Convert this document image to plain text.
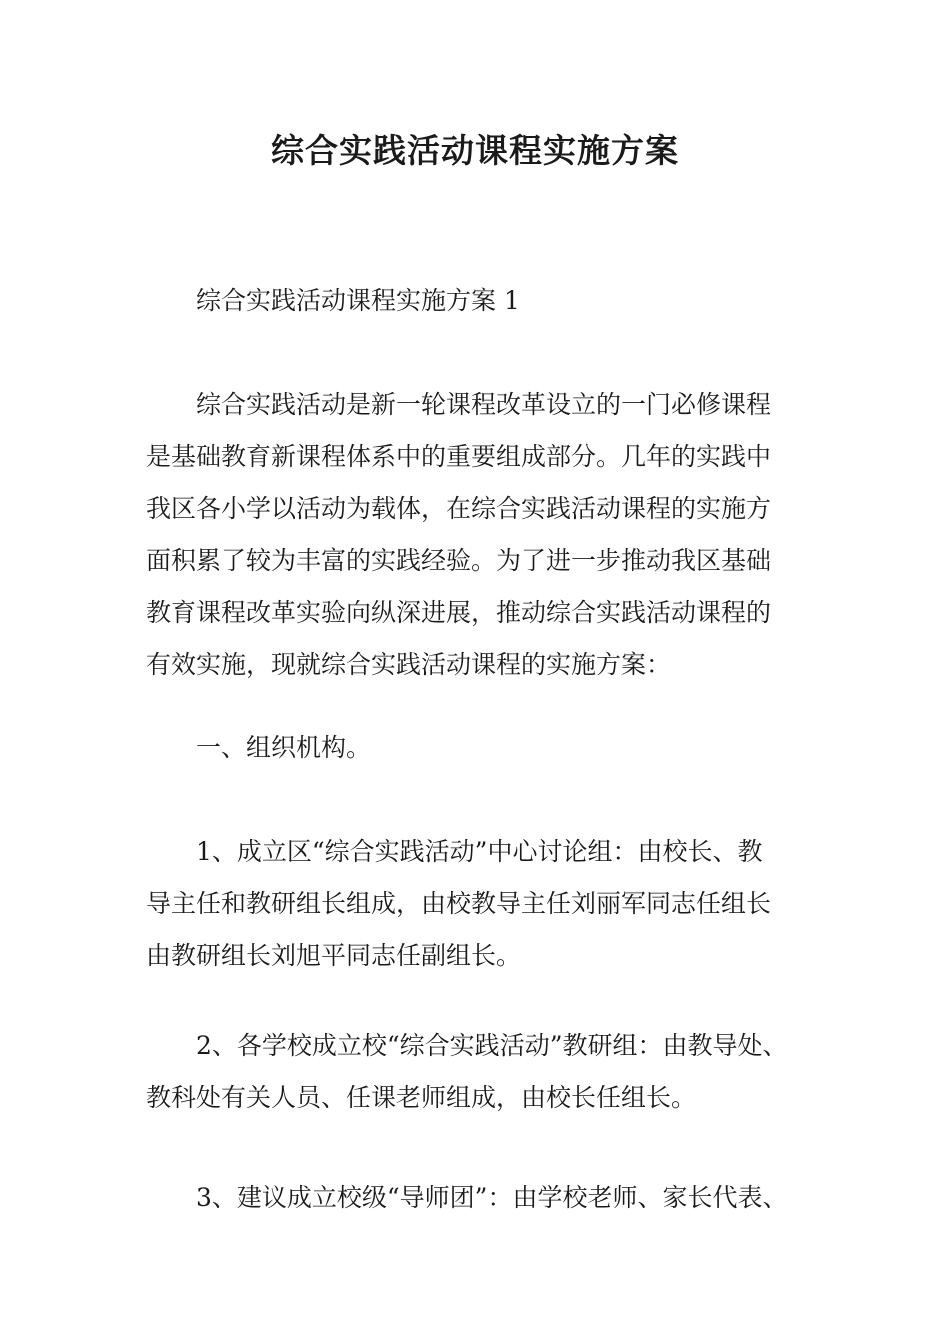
综合实践活动课程实施方案

综合实践活动课程实施方案 1

综合实践活动是新一轮课程改革设立的一门必修课程
是基础教育新课程体系中的重要组成部分。几年的实践中
我区各小学以活动为载体，在综合实践活动课程的实施方
面积累了较为丰富的实践经验。为了进一步推动我区基础
教育课程改革实验向纵深进展，推动综合实践活动课程的
有效实施，现就综合实践活动课程的实施方案：
一、组织机构。
1、成立区“综合实践活动”中心讨论组：由校长、教
导主任和教研组长组成，由校教导主任刘丽军同志任组长
由教研组长刘旭平同志任副组长。
2、各学校成立校“综合实践活动”教研组：由教导处、
教科处有关人员、任课老师组成，由校长任组长。
3、建议成立校级“导师团”：由学校老师、家长代表、
